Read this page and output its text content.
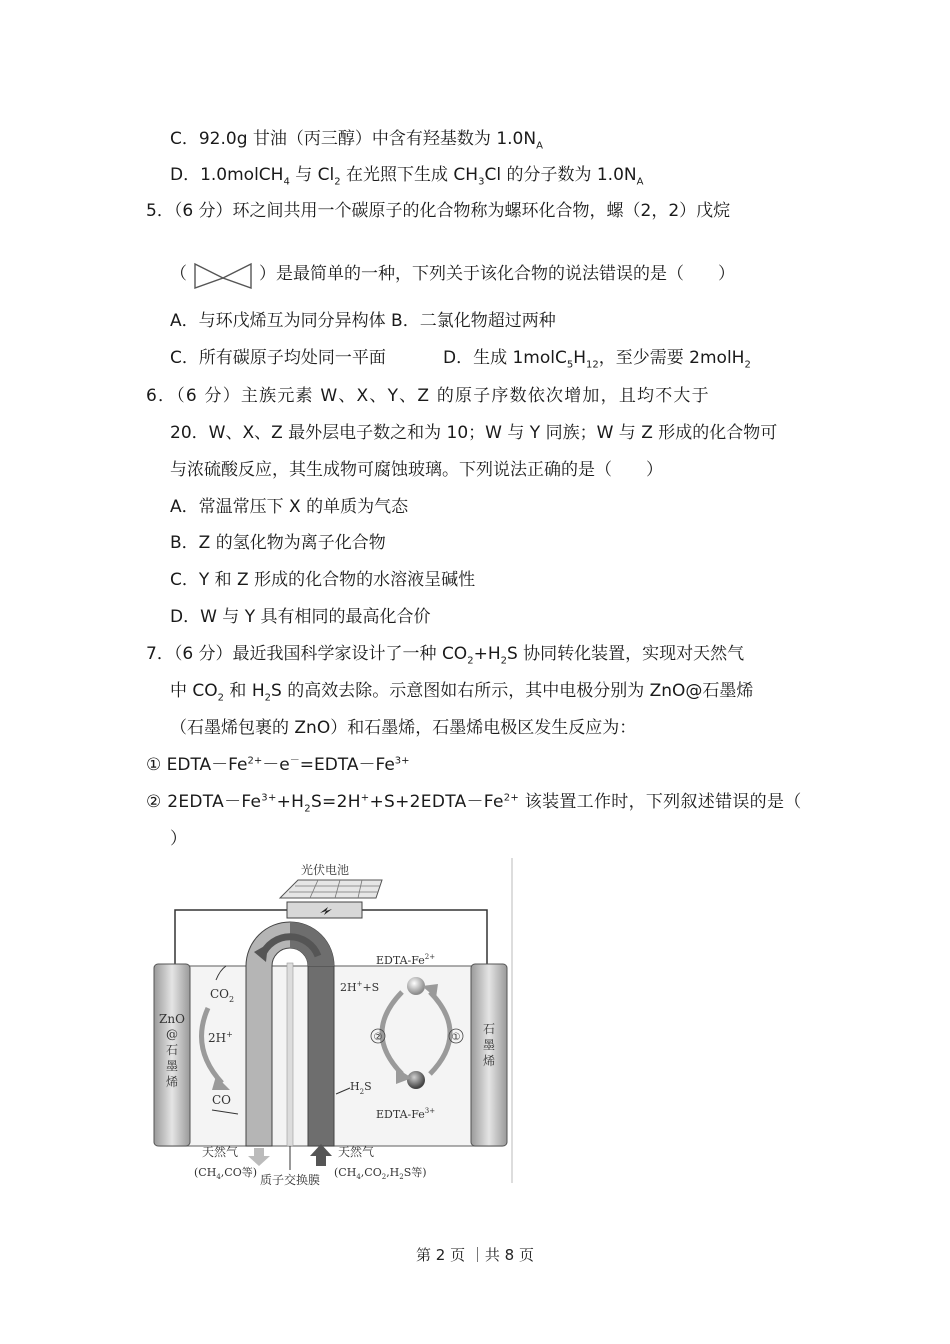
C．92.0g 甘油（丙三醇）中含有羟基数为 $1.0N_A$
D．1.0molCH$_4$ 与 $Cl_2$ 在光照下生成 $CH_3Cl$ 的分子数为 $1.0N_A$
5．（6 分）环之间共用一个碳原子的化合物称为螺环化合物，螺（2，2）戊烷
（	）是最简单的一种，下列关于该化合物的说法错误的是（　　）
A．与环戊烯互为同分异构体 B．二氯化物超过两种
C．所有碳原子均处同一平面	D．生成 $1molC_5H_{12}$，至少需要 2molH$_2$
6．（6 分）主族元素 W、X、Y、Z 的原子序数依次增加，且均不大于
20．W、X、Z 最外层电子数之和为 10；W 与 Y 同族；W 与 Z 形成的化合物可
与浓硫酸反应，其生成物可腐蚀玻璃。下列说法正确的是（　　）
A．常温常压下 X 的单质为气态
B．Z 的氢化物为离子化合物
C．Y 和 Z 形成的化合物的水溶液呈碱性
D．W 与 Y 具有相同的最高化合价
7．（6 分）最近我国科学家设计了一种 $CO_2+H_2S$ 协同转化装置，实现对天然气
中 $CO_2$ 和 $H_2S$ 的高效去除。示意图如右所示，其中电极分别为 ZnO@石墨烯
（石墨烯包裹的 ZnO）和石墨烯，石墨烯电极区发生反应为：
① $EDTA-Fe^{2+}-e^-=EDTA-Fe^{3+}$
② $2EDTA-Fe^{3+}+H_2S=2H^++S+2EDTA-Fe^{2+}$ 该装置工作时，下列叙述错误的是（
）
光伏电池
ZnO
@
石
墨
烯
石
墨
烯
$CO_2$
2H+
CO
EDTA-$Fe^{2+}$
2H++S
②	①
$H_2S$
EDTA-$Fe^{3+}$
天然气
($CH_4,CO$等)
天然气
($CH_4,CO_2,H_2S$等)
质子交换膜
第 2 页 ｜共 8 页
